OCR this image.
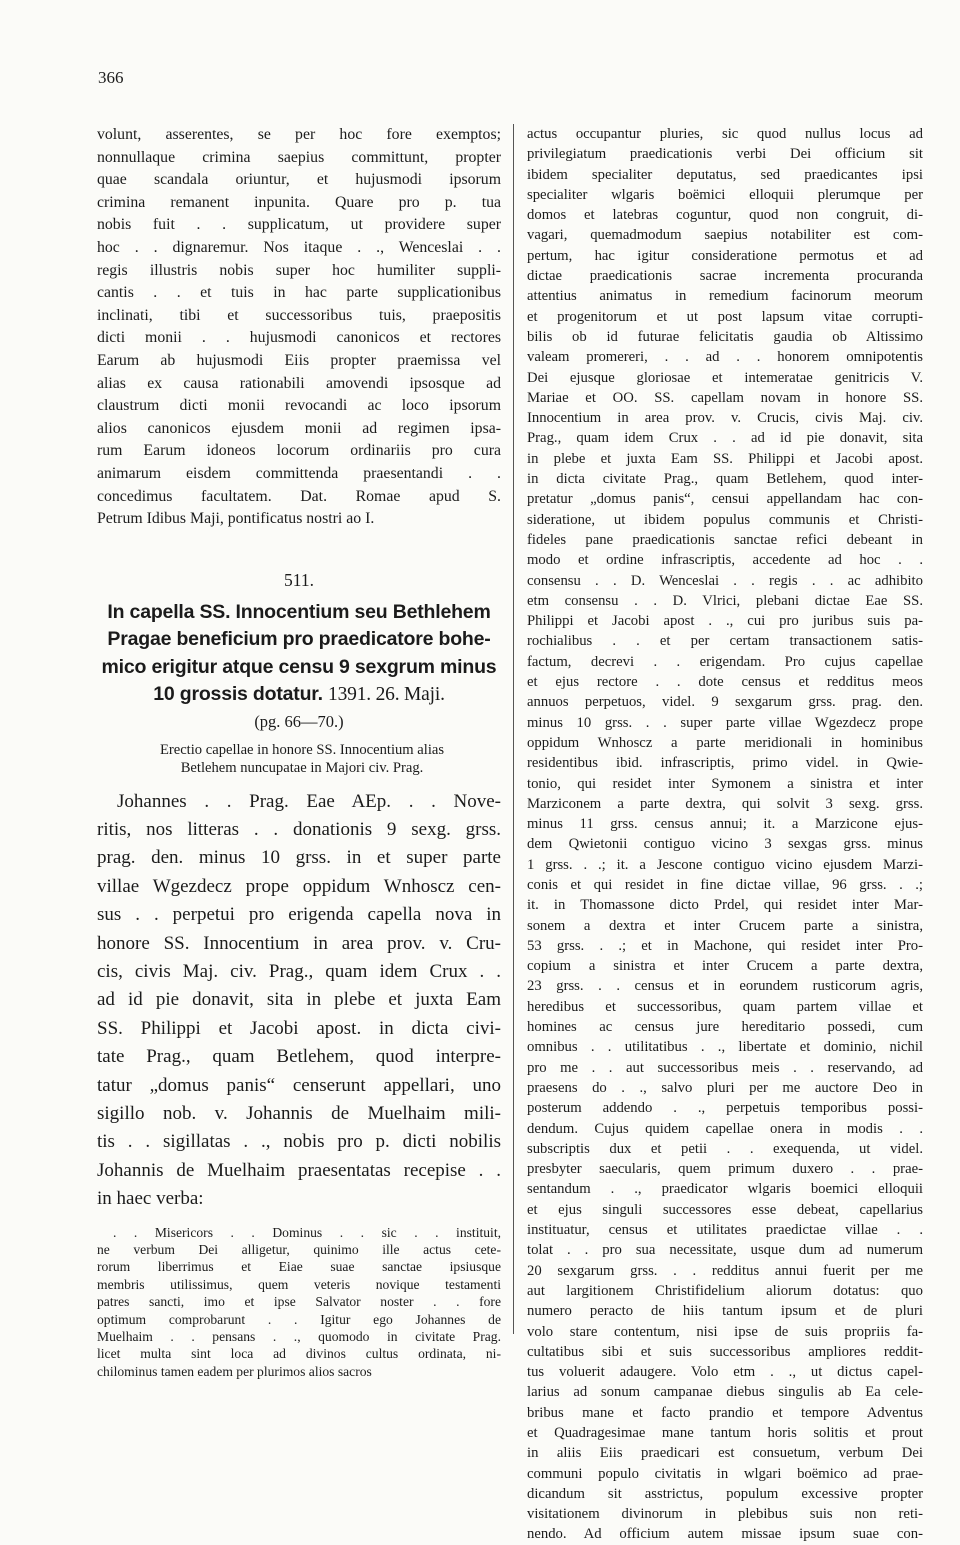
366
volunt, asserentes, se per hoc fore exemptos;
nonnullaque crimina saepius committunt, propter
quae scandala oriuntur, et hujusmodi ipsorum
crimina remanent inpunita. Quare pro p. tua
nobis fuit . . supplicatum, ut providere super
hoc . . dignaremur. Nos itaque . ., Wenceslai . .
regis illustris nobis super hoc humiliter suppli-
cantis . . et tuis in hac parte supplicationibus
inclinati, tibi et successoribus tuis, praepositis
dicti monii . . hujusmodi canonicos et rectores
Earum ab hujusmodi Eiis propter praemissa vel
alias ex causa rationabili amovendi ipsosque ad
claustrum dicti monii revocandi ac loco ipsorum
alios canonicos ejusdem monii ad regimen ipsa-
rum Earum idoneos locorum ordinariis pro cura
animarum eisdem committenda praesentandi . .
concedimus facultatem. Dat. Romae apud S.
Petrum Idibus Maji, pontificatus nostri ao I.
511.
In capella SS. Innocentium seu Bethlehem
Pragae beneficium pro praedicatore bohe-
mico erigitur atque censu 9 sexgrum minus
10 grossis dotatur. 1391. 26. Maji.
(pg. 66—70.)
Erectio capellae in honore SS. Innocentium alias
Betlehem nuncupatae in Majori civ. Prag.
Johannes . . Prag. Eae AEp. . . Nove-
ritis, nos litteras . . donationis 9 sexg. grss.
prag. den. minus 10 grss. in et super parte
villae Wgezdecz prope oppidum Wnhoscz cen-
sus . . perpetui pro erigenda capella nova in
honore SS. Innocentium in area prov. v. Cru-
cis, civis Maj. civ. Prag., quam idem Crux . .
ad id pie donavit, sita in plebe et juxta Eam
SS. Philippi et Jacobi apost. in dicta civi-
tate Prag., quam Betlehem, quod interpre-
tatur „domus panis“ censerunt appellari, uno
sigillo nob. v. Johannis de Muelhaim mili-
tis . . sigillatas . ., nobis pro p. dicti nobilis
Johannis de Muelhaim praesentatas recepise . .
in haec verba:
. . Misericors . . Dominus . . sic . . instituit,
ne verbum Dei alligetur, quinimo ille actus cete-
rorum liberrimus et Eiae suae sanctae ipsiusque
membris utilissimus, quem veteris novique testamenti
patres sancti, imo et ipse Salvator noster . . fore
optimum comprobarunt . . Igitur ego Johannes de
Muelhaim . . pensans . ., quomodo in civitate Prag.
licet multa sint loca ad divinos cultus ordinata, ni-
chilominus tamen eadem per plurimos alios sacros
actus occupantur pluries, sic quod nullus locus ad
privilegiatum praedicationis verbi Dei officium sit
ibidem specialiter deputatus, sed praedicantes ipsi
specialiter wlgaris boëmici elloquii plerumque per
domos et latebras coguntur, quod non congruit, di-
vagari, quemadmodum saepius notabiliter est com-
pertum, hac igitur consideratione permotus et ad
dictae praedicationis sacrae incrementa procuranda
attentius animatus in remedium facinorum meorum
et progenitorum et ut post lapsum vitae corrupti-
bilis ob id futurae felicitatis gaudia ob Altissimo
valeam promereri, . . ad . . honorem omnipotentis
Dei ejusque gloriosae et intemeratae genitricis V.
Mariae et OO. SS. capellam novam in honore SS.
Innocentium in area prov. v. Crucis, civis Maj. civ.
Prag., quam idem Crux . . ad id pie donavit, sita
in plebe et juxta Eam SS. Philippi et Jacobi apost.
in dicta civitate Prag., quam Betlehem, quod inter-
pretatur „domus panis“, censui appellandam hac con-
sideratione, ut ibidem populus communis et Christi-
fideles pane praedicationis sanctae refici debeant in
modo et ordine infrascriptis, accedente ad hoc . .
consensu . . D. Wenceslai . . regis . . ac adhibito
etm consensu . . D. Vlrici, plebani dictae Eae SS.
Philippi et Jacobi apost . ., cui pro juribus suis pa-
rochialibus . . et per certam transactionem satis-
factum, decrevi . . erigendam. Pro cujus capellae
et ejus rectore . . dote census et redditus meos
annuos perpetuos, videl. 9 sexgarum grss. prag. den.
minus 10 grss. . . super parte villae Wgezdecz prope
oppidum Wnhoscz a parte meridionali in hominibus
residentibus ibid. infrascriptis, primo videl. in Qwie-
tonio, qui residet inter Symonem a sinistra et inter
Marziconem a parte dextra, qui solvit 3 sexg. grss.
minus 11 grss. census annui; it. a Marzicone ejus-
dem Qwietonii contiguo vicino 3 sexgas grss. minus
1 grss. . .; it. a Jescone contiguo vicino ejusdem Marzi-
conis et qui residet in fine dictae villae, 96 grss. . .;
it. in Thomassone dicto Prdel, qui residet inter Mar-
sonem a dextra et inter Crucem parte a sinistra,
53 grss. . .; et in Machone, qui residet inter Pro-
copium a sinistra et inter Crucem a parte dextra,
23 grss. . . census et in eorundem rusticorum agris,
heredibus et successoribus, quam partem villae et
homines ac census jure hereditario possedi, cum
omnibus . . utilitatibus . ., libertate et dominio, nichil
pro me . . aut successoribus meis . . reservando, ad
praesens do . ., salvo pluri per me auctore Deo in
posterum addendo . ., perpetuis temporibus possi-
dendum. Cujus quidem capellae onera in modis . .
subscriptis dux et petii . . exequenda, ut videl.
presbyter saecularis, quem primum duxero . . prae-
sentandum . ., praedicator wlgaris boemici elloquii
et ejus singuli successores esse debeat, capellarius
instituatur, census et utilitates praedictae villae . .
tolat . . pro sua necessitate, usque dum ad numerum
20 sexgarum grss. . . redditus annui fuerit per me
aut largitionem Christifidelium aliorum dotatus: quo
numero peracto de hiis tantum ipsum et de pluri
volo stare contentum, nisi ipse de suis propriis fa-
cultatibus sibi et suis successoribus ampliores reddit-
tus voluerit adaugere. Volo etm . ., ut dictus capel-
larius ad sonum campanae diebus singulis ab Ea cele-
bribus mane et facto prandio et tempore Adventus
et Quadragesimae mane tantum horis solitis et prout
in aliis Eiis praedicari est consuetum, verbum Dei
communi populo civitatis in wlgari boëmico ad prae-
dicandum sit asstrictus, populum excessive propter
visitationem divinorum in plebibus suis non reti-
nendo. Ad officium autem missae ipsum suae con-
